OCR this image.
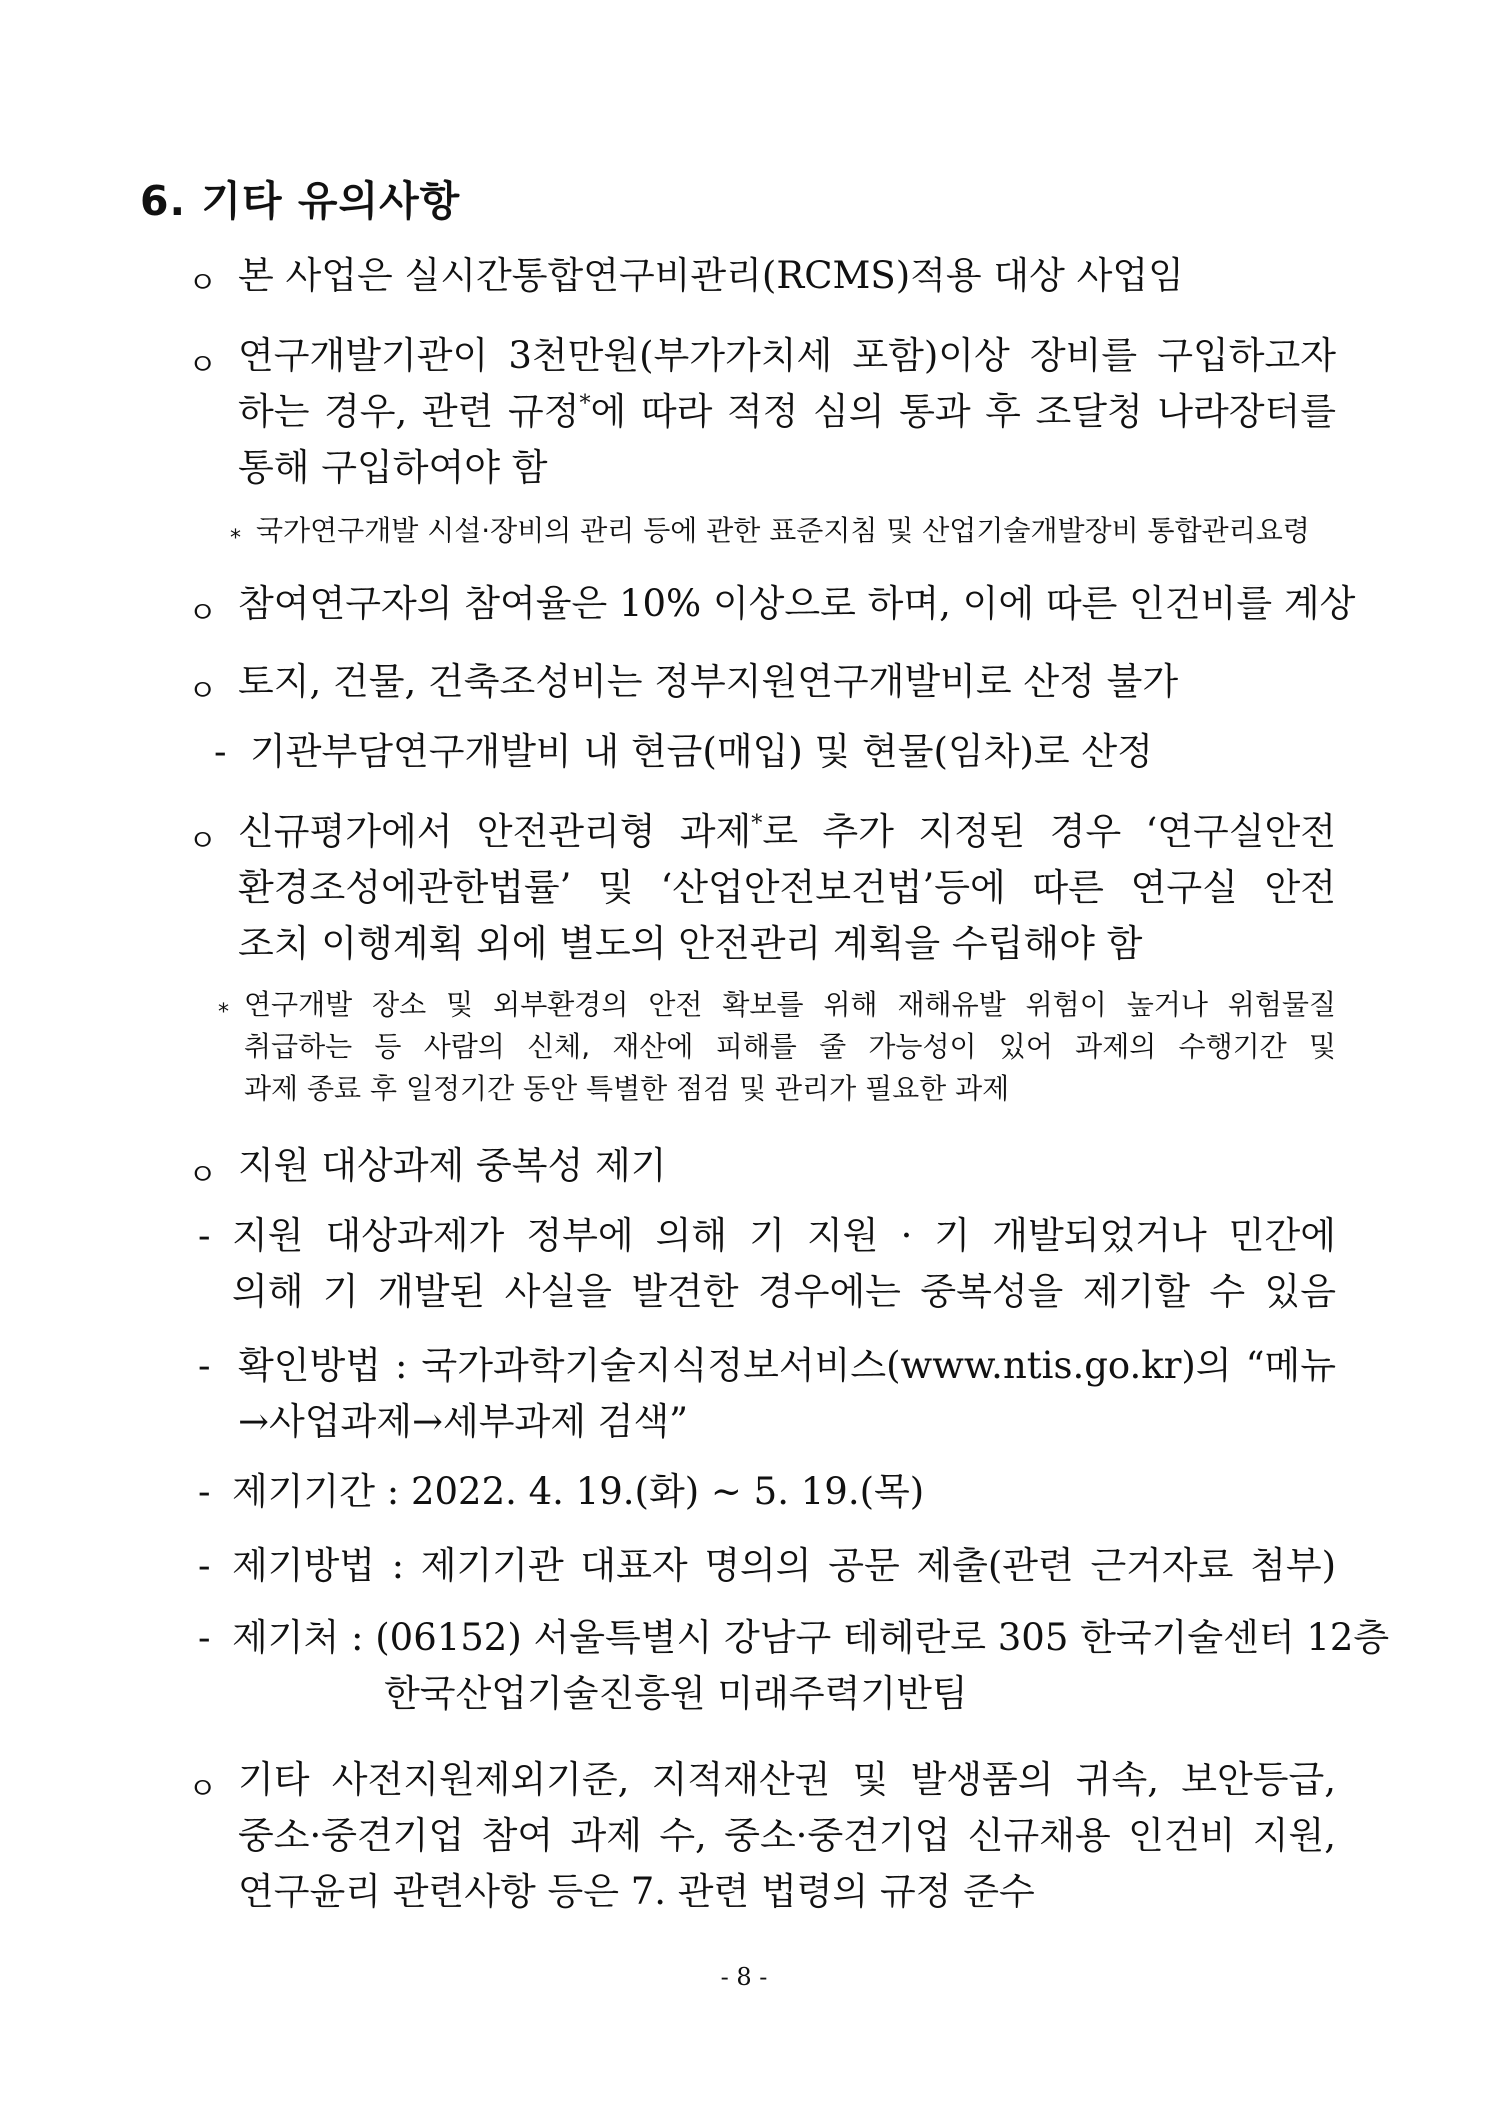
6. 기타 유의사항
ㅇ 본 사업은 실시간통합연구비관리(RCMS)적용 대상 사업임
ㅇ 연구개발기관이 3천만원(부가가치세 포함)이상 장비를 구입하고자
하는 경우, 관련 규정*에 따라 적정 심의 통과 후 조달청 나라장터를
통해 구입하여야 함
* 국가연구개발 시설·장비의 관리 등에 관한 표준지침 및 산업기술개발장비 통합관리요령
ㅇ 참여연구자의 참여율은 10% 이상으로 하며, 이에 따른 인건비를 계상
ㅇ 토지, 건물, 건축조성비는 정부지원연구개발비로 산정 불가
- 기관부담연구개발비 내 현금(매입) 및 현물(임차)로 산정
ㅇ 신규평가에서 안전관리형 과제*로 추가 지정된 경우 ‘연구실안전
환경조성에관한법률’ 및 ‘산업안전보건법’등에 따른 연구실 안전
조치 이행계획 외에 별도의 안전관리 계획을 수립해야 함
* 연구개발 장소 및 외부환경의 안전 확보를 위해 재해유발 위험이 높거나 위험물질
취급하는 등 사람의 신체, 재산에 피해를 줄 가능성이 있어 과제의 수행기간 및
과제 종료 후 일정기간 동안 특별한 점검 및 관리가 필요한 과제
ㅇ 지원 대상과제 중복성 제기
- 지원 대상과제가 정부에 의해 기 지원 · 기 개발되었거나 민간에
의해 기 개발된 사실을 발견한 경우에는 중복성을 제기할 수 있음
- 확인방법 : 국가과학기술지식정보서비스(www.ntis.go.kr)의 “메뉴
→사업과제→세부과제 검색”
- 제기기간 : 2022. 4. 19.(화) ~ 5. 19.(목)
- 제기방법 : 제기기관 대표자 명의의 공문 제출(관련 근거자료 첨부)
- 제기처 : (06152) 서울특별시 강남구 테헤란로 305 한국기술센터 12층
한국산업기술진흥원 미래주력기반팀
ㅇ 기타 사전지원제외기준, 지적재산권 및 발생품의 귀속, 보안등급,
중소·중견기업 참여 과제 수, 중소·중견기업 신규채용 인건비 지원,
연구윤리 관련사항 등은 7. 관련 법령의 규정 준수
- 8 -
